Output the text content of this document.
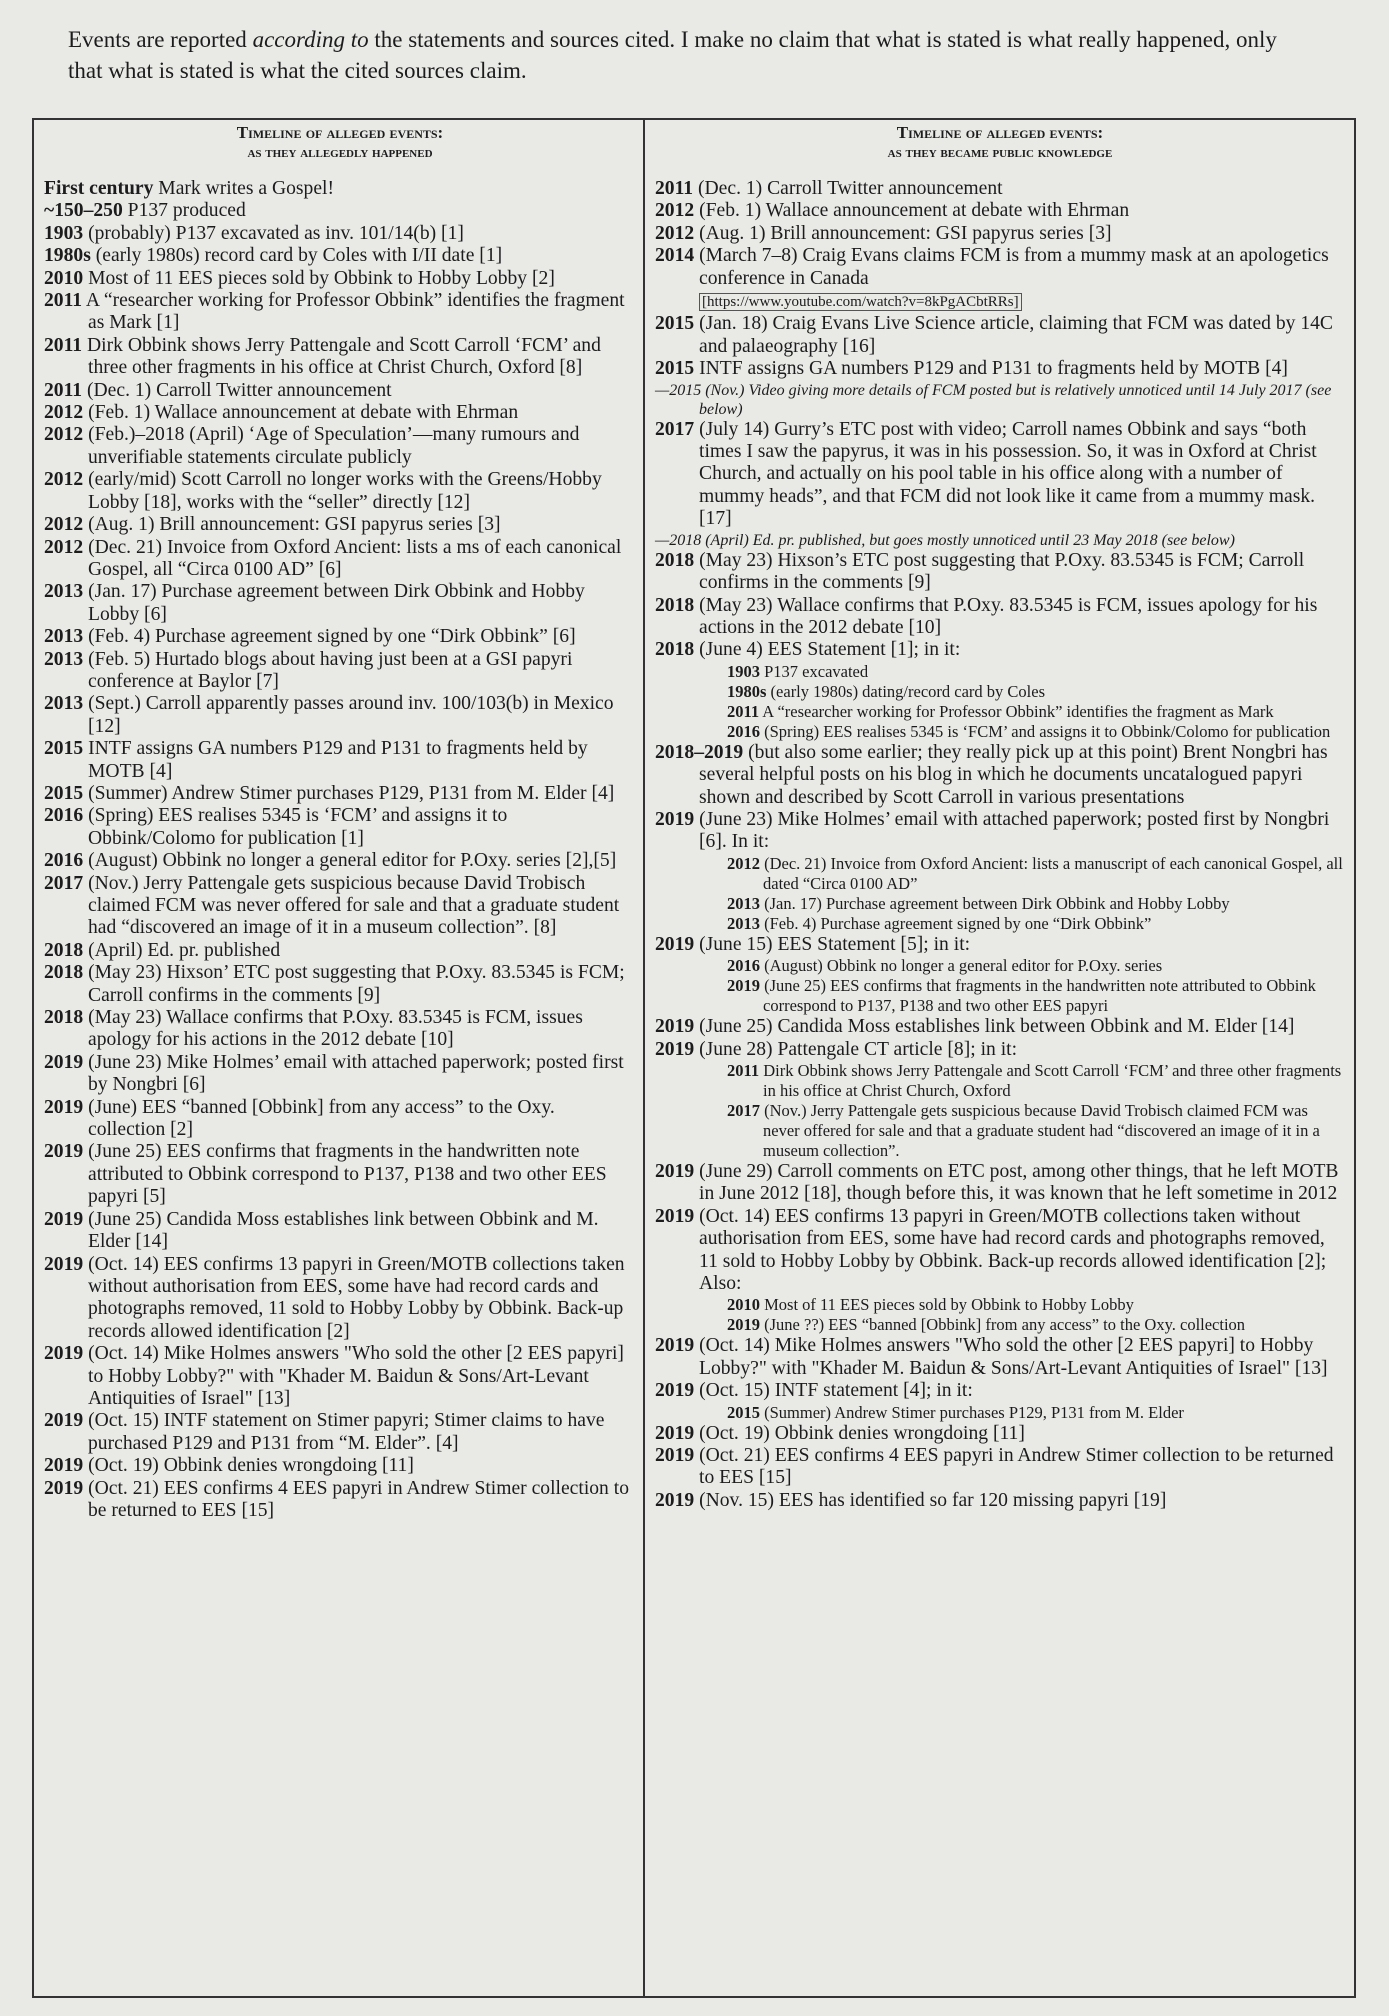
Events are reported according to the statements and sources cited. I make no claim that what is stated is what really happened, only that what is stated is what the cited sources claim.
Timeline of alleged events:
as they allegedly happened
First century Mark writes a Gospel!
~150–250 P137 produced
1903 (probably) P137 excavated as inv. 101/14(b) [1]
1980s (early 1980s) record card by Coles with I/II date [1]
2010 Most of 11 EES pieces sold by Obbink to Hobby Lobby [2]
2011 A “researcher working for Professor Obbink” identifies the fragment as Mark [1]
2011 Dirk Obbink shows Jerry Pattengale and Scott Carroll ‘FCM’ and three other fragments in his office at Christ Church, Oxford [8]
2011 (Dec. 1) Carroll Twitter announcement
2012 (Feb. 1) Wallace announcement at debate with Ehrman
2012 (Feb.)–2018 (April) ‘Age of Speculation’—many rumours and unverifiable statements circulate publicly
2012 (early/mid) Scott Carroll no longer works with the Greens/Hobby Lobby [18], works with the “seller” directly [12]
2012 (Aug. 1) Brill announcement: GSI papyrus series [3]
2012 (Dec. 21) Invoice from Oxford Ancient: lists a ms of each canonical Gospel, all “Circa 0100 AD” [6]
2013 (Jan. 17) Purchase agreement between Dirk Obbink and Hobby Lobby [6]
2013 (Feb. 4) Purchase agreement signed by one “Dirk Obbink” [6]
2013 (Feb. 5) Hurtado blogs about having just been at a GSI papyri conference at Baylor [7]
2013 (Sept.) Carroll apparently passes around inv. 100/103(b) in Mexico [12]
2015 INTF assigns GA numbers P129 and P131 to fragments held by MOTB [4]
2015 (Summer) Andrew Stimer purchases P129, P131 from M. Elder [4]
2016 (Spring) EES realises 5345 is ‘FCM’ and assigns it to Obbink/Colomo for publication [1]
2016 (August) Obbink no longer a general editor for P.Oxy. series [2],[5]
2017 (Nov.) Jerry Pattengale gets suspicious because David Trobisch claimed FCM was never offered for sale and that a graduate student had “discovered an image of it in a museum collection”. [8]
2018 (April) Ed. pr. published
2018 (May 23) Hixson’ ETC post suggesting that P.Oxy. 83.5345 is FCM; Carroll confirms in the comments [9]
2018 (May 23) Wallace confirms that P.Oxy. 83.5345 is FCM, issues apology for his actions in the 2012 debate [10]
2019 (June 23) Mike Holmes’ email with attached paperwork; posted first by Nongbri [6]
2019 (June) EES “banned [Obbink] from any access” to the Oxy. collection [2]
2019 (June 25) EES confirms that fragments in the handwritten note attributed to Obbink correspond to P137, P138 and two other EES papyri [5]
2019 (June 25) Candida Moss establishes link between Obbink and M. Elder [14]
2019 (Oct. 14) EES confirms 13 papyri in Green/MOTB collections taken without authorisation from EES, some have had record cards and photographs removed, 11 sold to Hobby Lobby by Obbink. Back-up records allowed identification [2]
2019 (Oct. 14) Mike Holmes answers "Who sold the other [2 EES papyri] to Hobby Lobby?" with "Khader M. Baidun & Sons/Art-Levant Antiquities of Israel" [13]
2019 (Oct. 15) INTF statement on Stimer papyri; Stimer claims to have purchased P129 and P131 from “M. Elder”. [4]
2019 (Oct. 19) Obbink denies wrongdoing [11]
2019 (Oct. 21) EES confirms 4 EES papyri in Andrew Stimer collection to be returned to EES [15]
Timeline of alleged events:
as they became public knowledge
2011 (Dec. 1) Carroll Twitter announcement
2012 (Feb. 1) Wallace announcement at debate with Ehrman
2012 (Aug. 1) Brill announcement: GSI papyrus series [3]
2014 (March 7–8) Craig Evans claims FCM is from a mummy mask at an apologetics conference in Canada
[https://www.youtube.com/watch?v=8kPgACbtRRs]
2015 (Jan. 18) Craig Evans Live Science article, claiming that FCM was dated by 14C and palaeography [16]
2015 INTF assigns GA numbers P129 and P131 to fragments held by MOTB [4]
—2015 (Nov.) Video giving more details of FCM posted but is relatively unnoticed until 14 July 2017 (see below)
2017 (July 14) Gurry’s ETC post with video; Carroll names Obbink and says “both times I saw the papyrus, it was in his possession. So, it was in Oxford at Christ Church, and actually on his pool table in his office along with a number of mummy heads”, and that FCM did not look like it came from a mummy mask. [17]
—2018 (April) Ed. pr. published, but goes mostly unnoticed until 23 May 2018 (see below)
2018 (May 23) Hixson’s ETC post suggesting that P.Oxy. 83.5345 is FCM; Carroll confirms in the comments [9]
2018 (May 23) Wallace confirms that P.Oxy. 83.5345 is FCM, issues apology for his actions in the 2012 debate [10]
2018 (June 4) EES Statement [1]; in it:
1903 P137 excavated
1980s (early 1980s) dating/record card by Coles
2011 A “researcher working for Professor Obbink” identifies the fragment as Mark
2016 (Spring) EES realises 5345 is ‘FCM’ and assigns it to Obbink/Colomo for publication
2018–2019 (but also some earlier; they really pick up at this point) Brent Nongbri has several helpful posts on his blog in which he documents uncatalogued papyri shown and described by Scott Carroll in various presentations
2019 (June 23) Mike Holmes’ email with attached paperwork; posted first by Nongbri [6]. In it:
2012 (Dec. 21) Invoice from Oxford Ancient: lists a manuscript of each canonical Gospel, all dated “Circa 0100 AD”
2013 (Jan. 17) Purchase agreement between Dirk Obbink and Hobby Lobby
2013 (Feb. 4) Purchase agreement signed by one “Dirk Obbink”
2019 (June 15) EES Statement [5]; in it:
2016 (August) Obbink no longer a general editor for P.Oxy. series
2019 (June 25) EES confirms that fragments in the handwritten note attributed to Obbink correspond to P137, P138 and two other EES papyri
2019 (June 25) Candida Moss establishes link between Obbink and M. Elder [14]
2019 (June 28) Pattengale CT article [8]; in it:
2011 Dirk Obbink shows Jerry Pattengale and Scott Carroll ‘FCM’ and three other fragments in his office at Christ Church, Oxford
2017 (Nov.) Jerry Pattengale gets suspicious because David Trobisch claimed FCM was never offered for sale and that a graduate student had “discovered an image of it in a museum collection”.
2019 (June 29) Carroll comments on ETC post, among other things, that he left MOTB in June 2012 [18], though before this, it was known that he left sometime in 2012
2019 (Oct. 14) EES confirms 13 papyri in Green/MOTB collections taken without authorisation from EES, some have had record cards and photographs removed, 11 sold to Hobby Lobby by Obbink. Back-up records allowed identification [2]; Also:
2010 Most of 11 EES pieces sold by Obbink to Hobby Lobby
2019 (June ??) EES “banned [Obbink] from any access” to the Oxy. collection
2019 (Oct. 14) Mike Holmes answers "Who sold the other [2 EES papyri] to Hobby Lobby?" with "Khader M. Baidun & Sons/Art-Levant Antiquities of Israel" [13]
2019 (Oct. 15) INTF statement [4]; in it:
2015 (Summer) Andrew Stimer purchases P129, P131 from M. Elder
2019 (Oct. 19) Obbink denies wrongdoing [11]
2019 (Oct. 21) EES confirms 4 EES papyri in Andrew Stimer collection to be returned to EES [15]
2019 (Nov. 15) EES has identified so far 120 missing papyri [19]
